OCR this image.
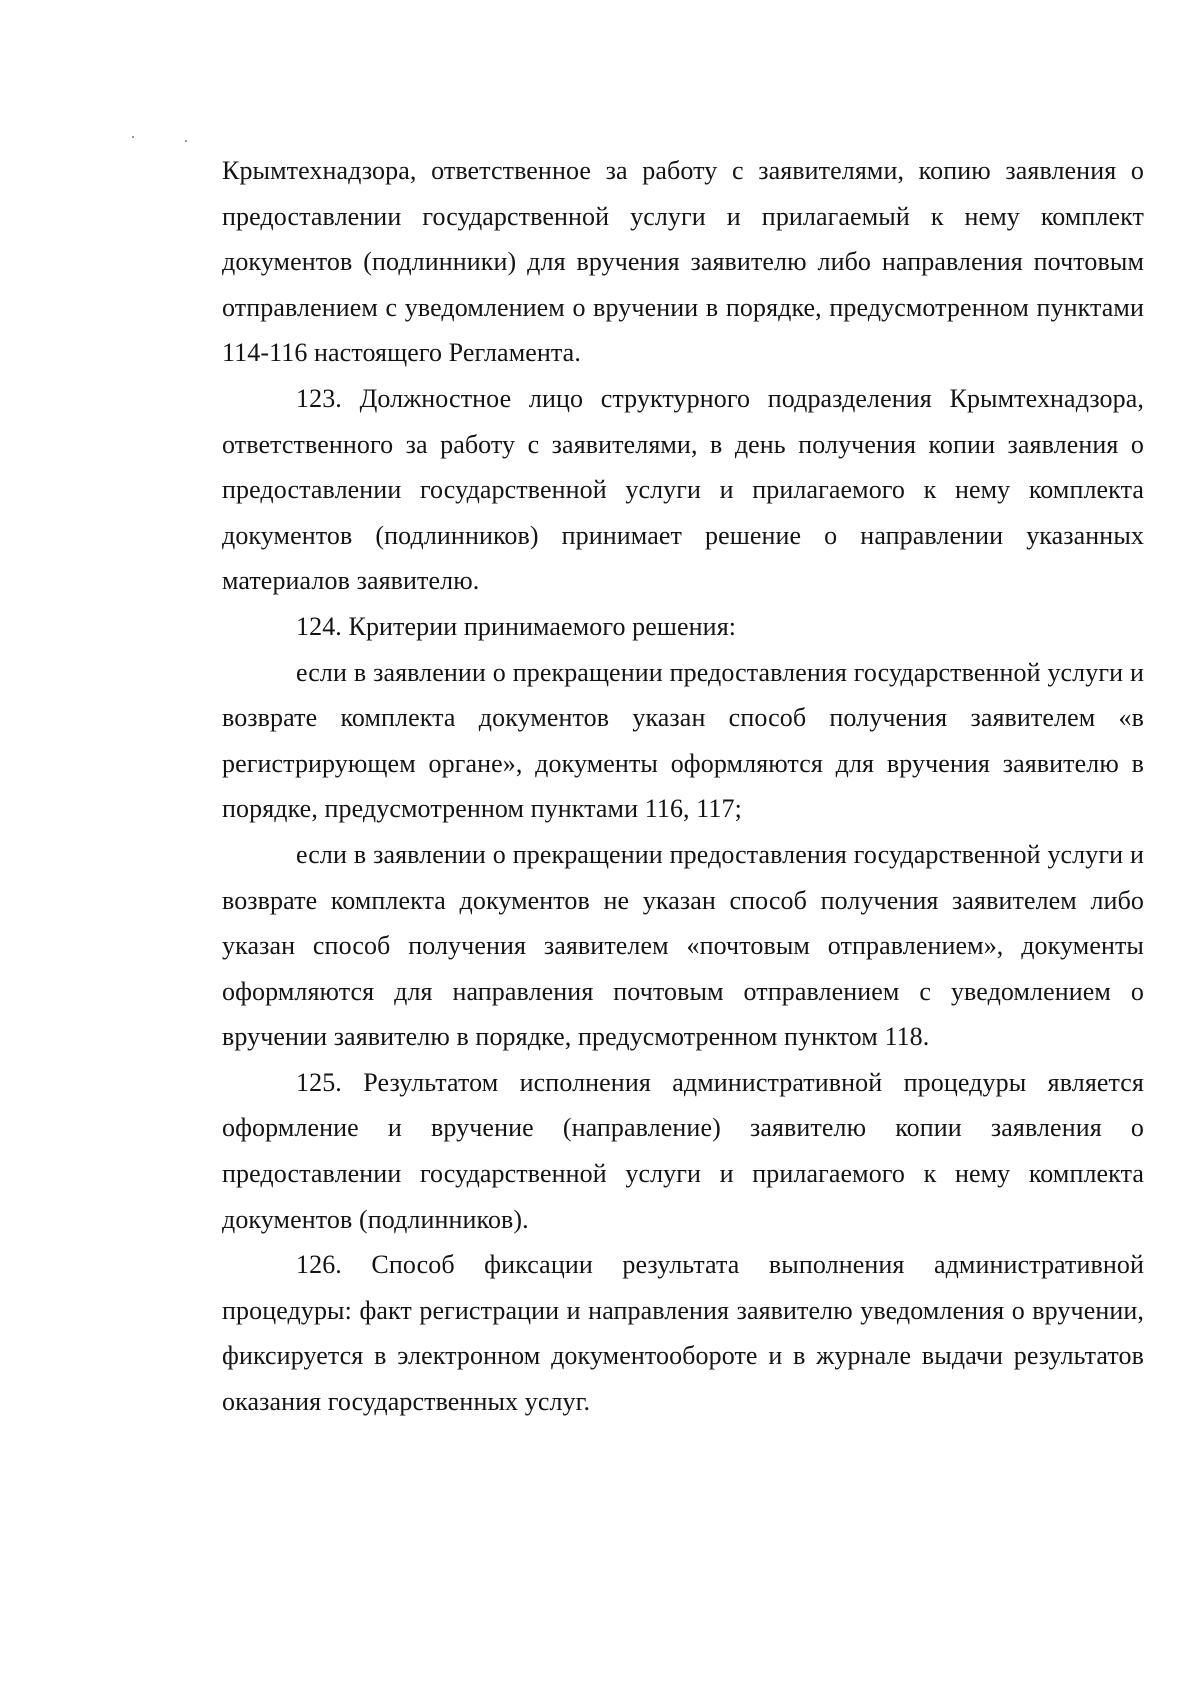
Крымтехнадзора, ответственное за работу с заявителями, копию заявления о предоставлении государственной услуги и прилагаемый к нему комплект документов (подлинники) для вручения заявителю либо направления почтовым отправлением с уведомлением о вручении в порядке, предусмотренном пунктами 114-116 настоящего Регламента.

123. Должностное лицо структурного подразделения Крымтехнадзора, ответственного за работу с заявителями, в день получения копии заявления о предоставлении государственной услуги и прилагаемого к нему комплекта документов (подлинников) принимает решение о направлении указанных материалов заявителю.

124. Критерии принимаемого решения:

если в заявлении о прекращении предоставления государственной услуги и возврате комплекта документов указан способ получения заявителем «в регистрирующем органе», документы оформляются для вручения заявителю в порядке, предусмотренном пунктами 116, 117;

если в заявлении о прекращении предоставления государственной услуги и возврате комплекта документов не указан способ получения заявителем либо указан способ получения заявителем «почтовым отправлением», документы оформляются для направления почтовым отправлением с уведомлением о вручении заявителю в порядке, предусмотренном пунктом 118.

125. Результатом исполнения административной процедуры является оформление и вручение (направление) заявителю копии заявления о предоставлении государственной услуги и прилагаемого к нему комплекта документов (подлинников).

126. Способ фиксации результата выполнения административной процедуры: факт регистрации и направления заявителю уведомления о вручении, фиксируется в электронном документообороте и в журнале выдачи результатов оказания государственных услуг.
